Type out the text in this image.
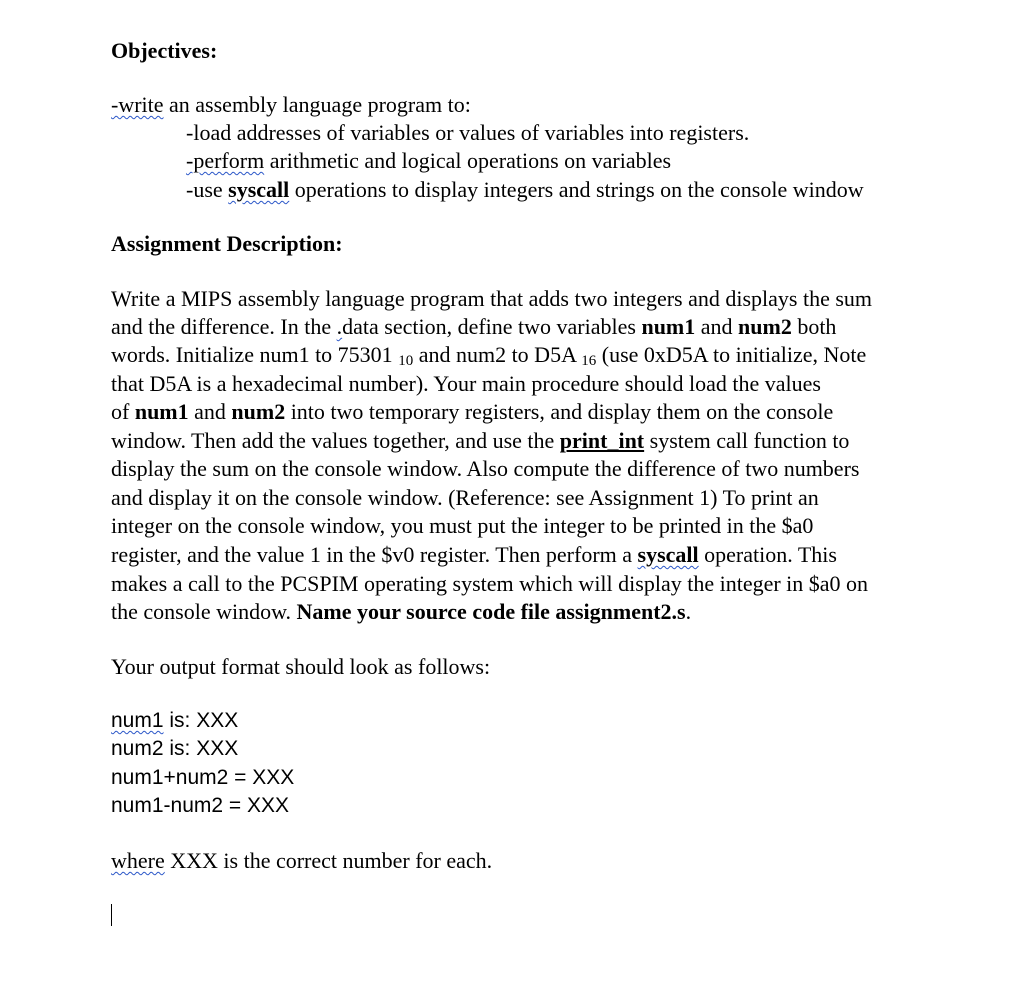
Objectives:
-write an assembly language program to:
-load addresses of variables or values of variables into registers.
-perform arithmetic and logical operations on variables
-use syscall operations to display integers and strings on the console window
Assignment Description:
Write a MIPS assembly language program that adds two integers and displays the sum
and the difference. In the .data section, define two variables num1 and num2 both
words. Initialize num1 to 75301 10 and num2 to D5A 16 (use 0xD5A to initialize, Note
that D5A is a hexadecimal number). Your main procedure should load the values
of num1 and num2 into two temporary registers, and display them on the console
window. Then add the values together, and use the print_int system call function to
display the sum on the console window. Also compute the difference of two numbers
and display it on the console window. (Reference: see Assignment 1) To print an
integer on the console window, you must put the integer to be printed in the $a0
register, and the value 1 in the $v0 register. Then perform a syscall operation. This
makes a call to the PCSPIM operating system which will display the integer in $a0 on
the console window. Name your source code file assignment2.s.
Your output format should look as follows:
num1 is: XXX
num2 is: XXX
num1+num2 = XXX
num1-num2 = XXX
where XXX is the correct number for each.
